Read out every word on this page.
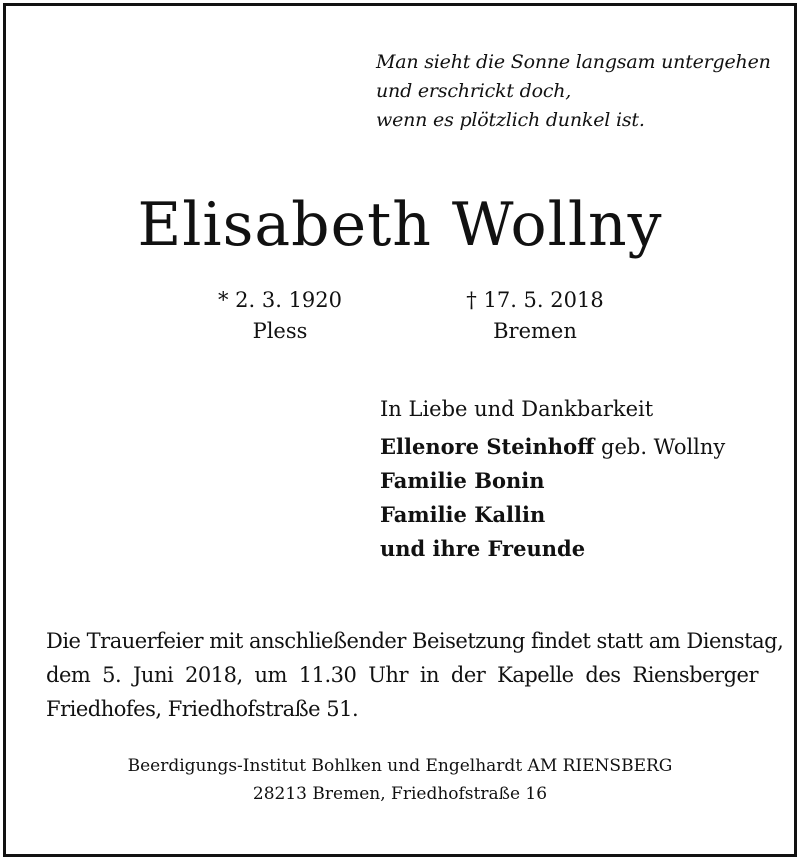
Man sieht die Sonne langsam untergehen
und erschrickt doch,
wenn es plötzlich dunkel ist.
Elisabeth Wollny
* 2. 3. 1920
Pless
† 17. 5. 2018
Bremen
In Liebe und Dankbarkeit
Ellenore Steinhoff geb. Wollny
Familie Bonin
Familie Kallin
und ihre Freunde
Die Trauerfeier mit anschließender Beisetzung findet statt am Dienstag,
dem 5. Juni 2018, um 11.30 Uhr in der Kapelle des Riensberger
Friedhofes, Friedhofstraße 51.
Beerdigungs-Institut Bohlken und Engelhardt AM RIENSBERG
28213 Bremen, Friedhofstraße 16
